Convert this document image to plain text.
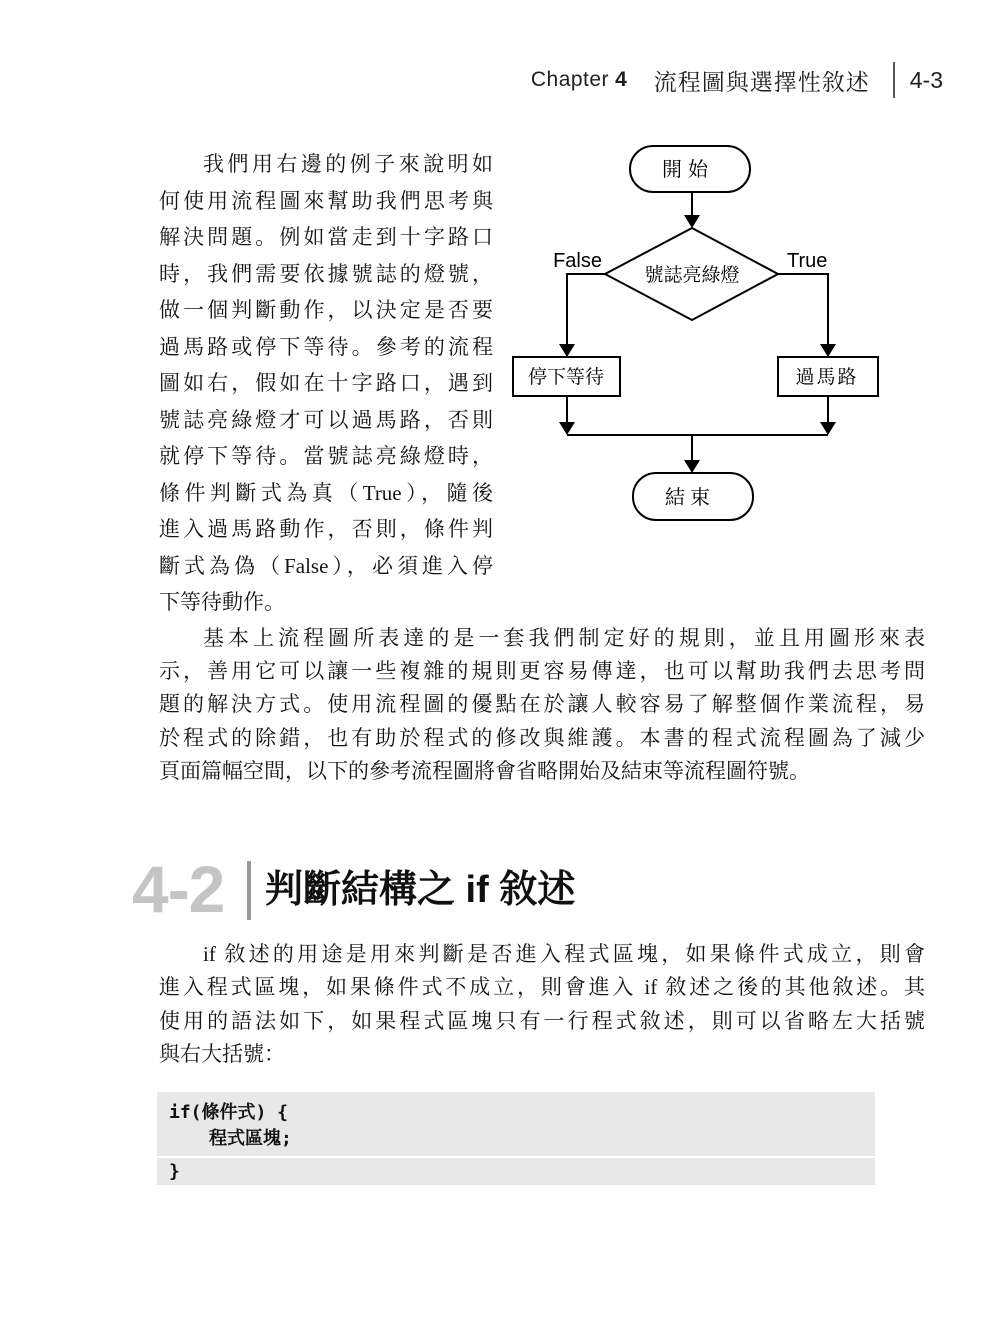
Chapter 4 流程圖與選擇性敘述 4-3
我們用右邊的例子來說明如
何使用流程圖來幫助我們思考與
解決問題。例如當走到十字路口
時，我們需要依據號誌的燈號，
做一個判斷動作，以決定是否要
過馬路或停下等待。參考的流程
圖如右，假如在十字路口，遇到
號誌亮綠燈才可以過馬路，否則
就停下等待。當號誌亮綠燈時，
條件判斷式為真（True），隨後
進入過馬路動作，否則，條件判
斷式為偽（False），必須進入停
下等待動作。
開始
號誌亮綠燈
False	True
停下等待	過馬路
結束
基本上流程圖所表達的是一套我們制定好的規則，並且用圖形來表
示，善用它可以讓一些複雜的規則更容易傳達，也可以幫助我們去思考問
題的解決方式。使用流程圖的優點在於讓人較容易了解整個作業流程，易
於程式的除錯，也有助於程式的修改與維護。本書的程式流程圖為了減少
頁面篇幅空間，以下的參考流程圖將會省略開始及結束等流程圖符號。
4-2 判斷結構之 if 敘述
if 敘述的用途是用來判斷是否進入程式區塊，如果條件式成立，則會
進入程式區塊，如果條件式不成立，則會進入 if 敘述之後的其他敘述。其
使用的語法如下，如果程式區塊只有一行程式敘述，則可以省略左大括號
與右大括號：
if(條件式) {
程式區塊;
}
